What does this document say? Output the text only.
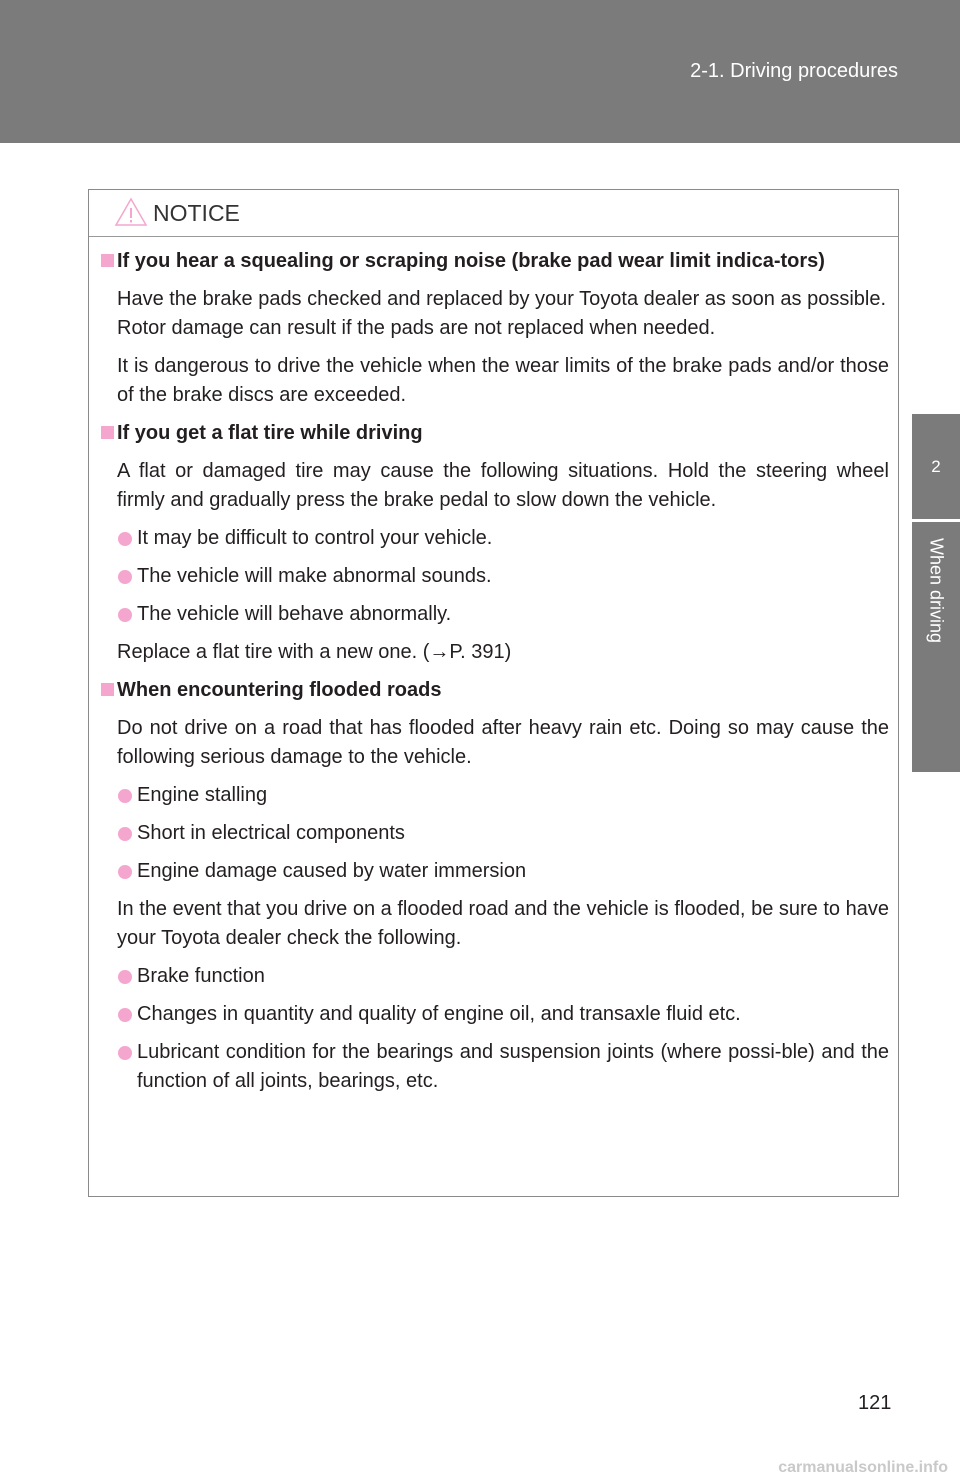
2-1. Driving procedures
2
When driving
NOTICE
If you hear a squealing or scraping noise (brake pad wear limit indica-tors)
Have the brake pads checked and replaced by your Toyota dealer as soon as possible.
Rotor damage can result if the pads are not replaced when needed.
It is dangerous to drive the vehicle when the wear limits of the brake pads and/or those of the brake discs are exceeded.
If you get a flat tire while driving
A flat or damaged tire may cause the following situations. Hold the steering wheel firmly and gradually press the brake pedal to slow down the vehicle.
It may be difficult to control your vehicle.
The vehicle will make abnormal sounds.
The vehicle will behave abnormally.
Replace a flat tire with a new one. (→P. 391)
When encountering flooded roads
Do not drive on a road that has flooded after heavy rain etc. Doing so may cause the following serious damage to the vehicle.
Engine stalling
Short in electrical components
Engine damage caused by water immersion
In the event that you drive on a flooded road and the vehicle is flooded, be sure to have your Toyota dealer check the following.
Brake function
Changes in quantity and quality of engine oil, and transaxle fluid etc.
Lubricant condition for the bearings and suspension joints (where possi-ble) and the function of all joints, bearings, etc.
121
carmanualsonline.info
